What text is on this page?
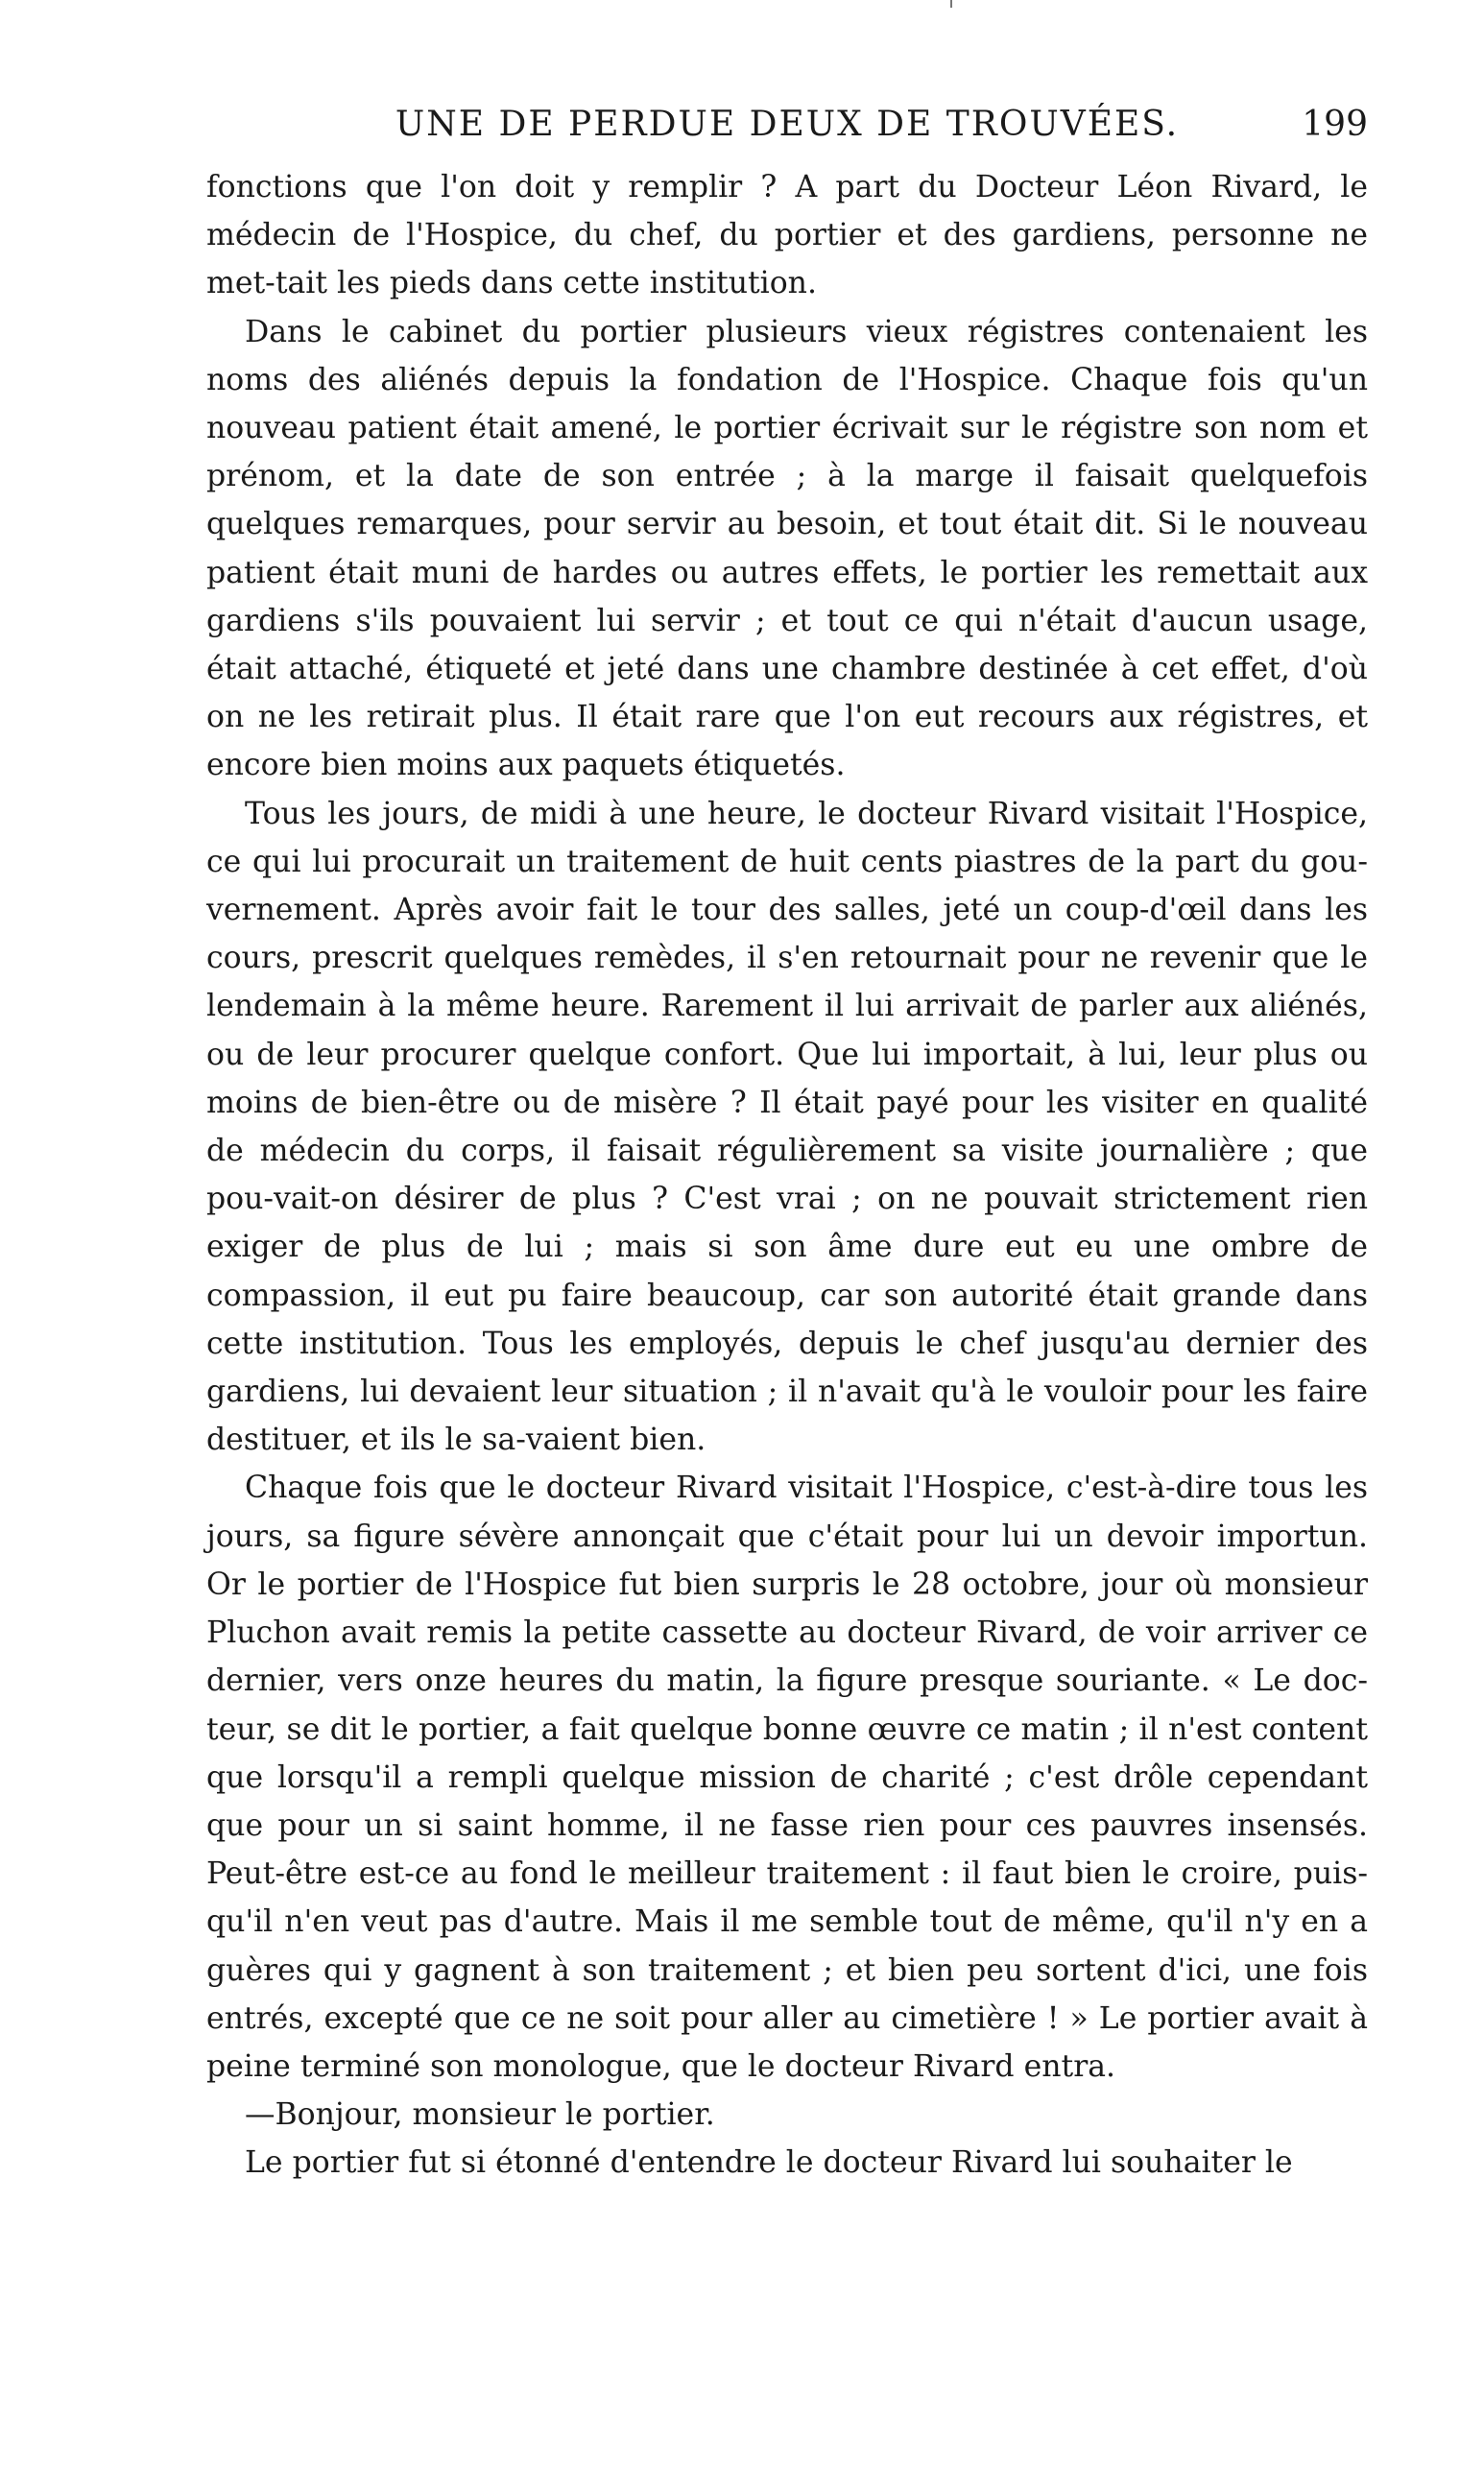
UNE DE PERDUE DEUX DE TROUVÉES.	199

fonctions que l'on doit y remplir ? A part du Docteur Léon Rivard, le médecin de l'Hospice, du chef, du portier et des gardiens, personne ne met-tait les pieds dans cette institution.

Dans le cabinet du portier plusieurs vieux régistres contenaient les noms des aliénés depuis la fondation de l'Hospice. Chaque fois qu'un nouveau patient était amené, le portier écrivait sur le régistre son nom et prénom, et la date de son entrée ; à la marge il faisait quelquefois quelques remarques, pour servir au besoin, et tout était dit. Si le nouveau patient était muni de hardes ou autres effets, le portier les remettait aux gardiens s'ils pouvaient lui servir ; et tout ce qui n'était d'aucun usage, était attaché, étiqueté et jeté dans une chambre destinée à cet effet, d'où on ne les retirait plus. Il était rare que l'on eut recours aux régistres, et encore bien moins aux paquets étiquetés.

Tous les jours, de midi à une heure, le docteur Rivard visitait l'Hospice, ce qui lui procurait un traitement de huit cents piastres de la part du gou-vernement. Après avoir fait le tour des salles, jeté un coup-d'œil dans les cours, prescrit quelques remèdes, il s'en retournait pour ne revenir que le lendemain à la même heure. Rarement il lui arrivait de parler aux aliénés, ou de leur procurer quelque confort. Que lui importait, à lui, leur plus ou moins de bien-être ou de misère ? Il était payé pour les visiter en qualité de médecin du corps, il faisait régulièrement sa visite journalière ; que pou-vait-on désirer de plus ? C'est vrai ; on ne pouvait strictement rien exiger de plus de lui ; mais si son âme dure eut eu une ombre de compassion, il eut pu faire beaucoup, car son autorité était grande dans cette institution. Tous les employés, depuis le chef jusqu'au dernier des gardiens, lui devaient leur situation ; il n'avait qu'à le vouloir pour les faire destituer, et ils le sa-vaient bien.

Chaque fois que le docteur Rivard visitait l'Hospice, c'est-à-dire tous les jours, sa figure sévère annonçait que c'était pour lui un devoir importun. Or le portier de l'Hospice fut bien surpris le 28 octobre, jour où monsieur Pluchon avait remis la petite cassette au docteur Rivard, de voir arriver ce dernier, vers onze heures du matin, la figure presque souriante. « Le doc-teur, se dit le portier, a fait quelque bonne œuvre ce matin ; il n'est content que lorsqu'il a rempli quelque mission de charité ; c'est drôle cependant que pour un si saint homme, il ne fasse rien pour ces pauvres insensés. Peut-être est-ce au fond le meilleur traitement : il faut bien le croire, puis-qu'il n'en veut pas d'autre. Mais il me semble tout de même, qu'il n'y en a guères qui y gagnent à son traitement ; et bien peu sortent d'ici, une fois entrés, excepté que ce ne soit pour aller au cimetière ! » Le portier avait à peine terminé son monologue, que le docteur Rivard entra.

—Bonjour, monsieur le portier.

Le portier fut si étonné d'entendre le docteur Rivard lui souhaiter le
